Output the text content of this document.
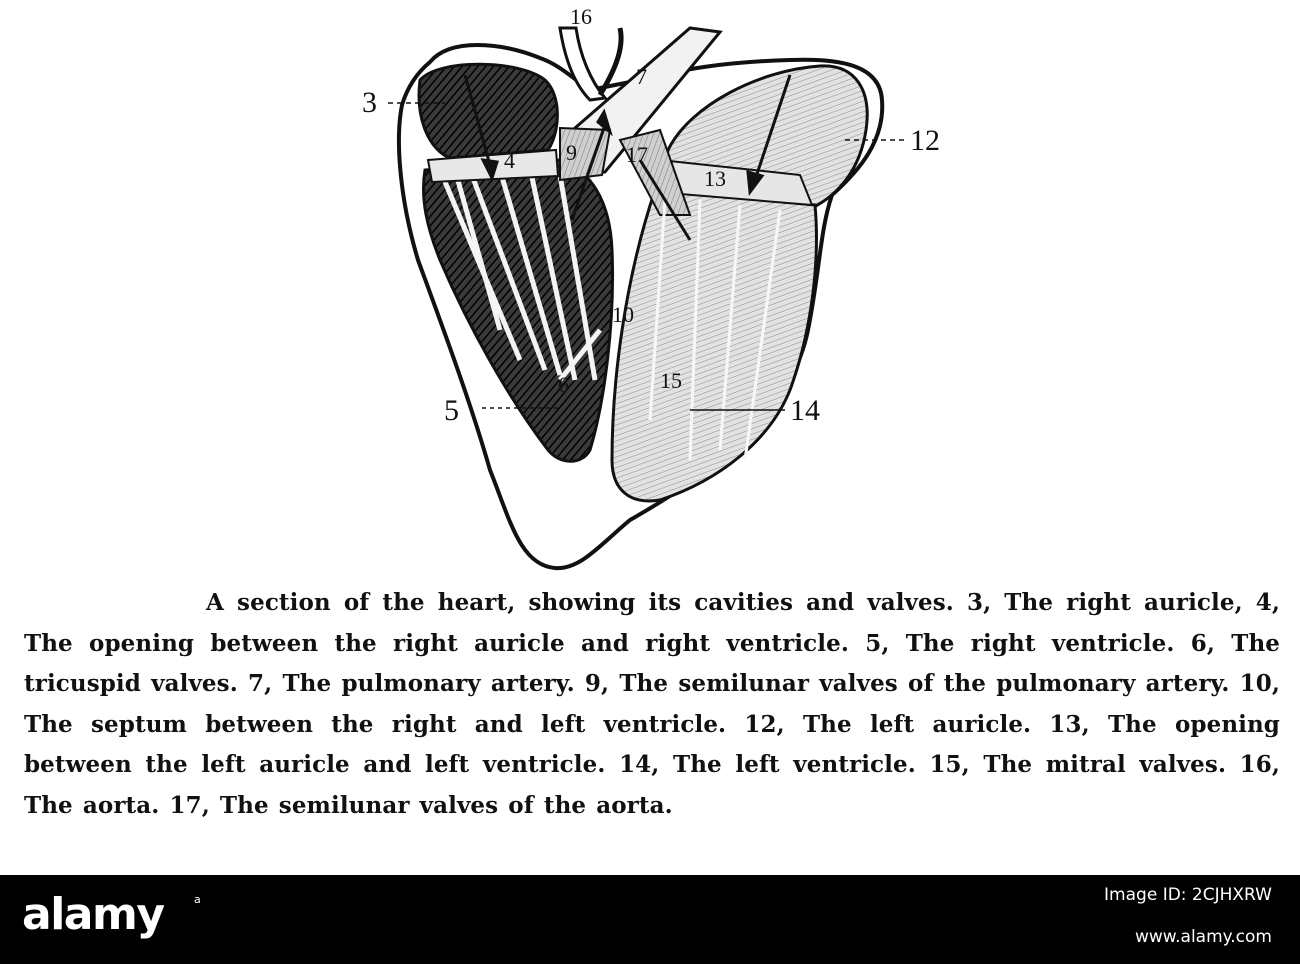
3
4
5
6
7
9
10
12
13
14
15
16
17
A section of the heart, showing its cavities and valves. 3, The right auricle, 4, The opening between the right auricle and right ventricle. 5, The right ventricle. 6, The tricuspid valves. 7, The pulmonary artery. 9, The semilunar valves of the pulmonary artery. 10, The septum between the right and left ventricle. 12, The left auricle. 13, The opening between the left auricle and left ventricle. 14, The left ventricle. 15, The mitral valves. 16, The aorta. 17, The semilunar valves of the aorta.
alamy	a	Image ID: 2CJHXRW
www.alamy.com
